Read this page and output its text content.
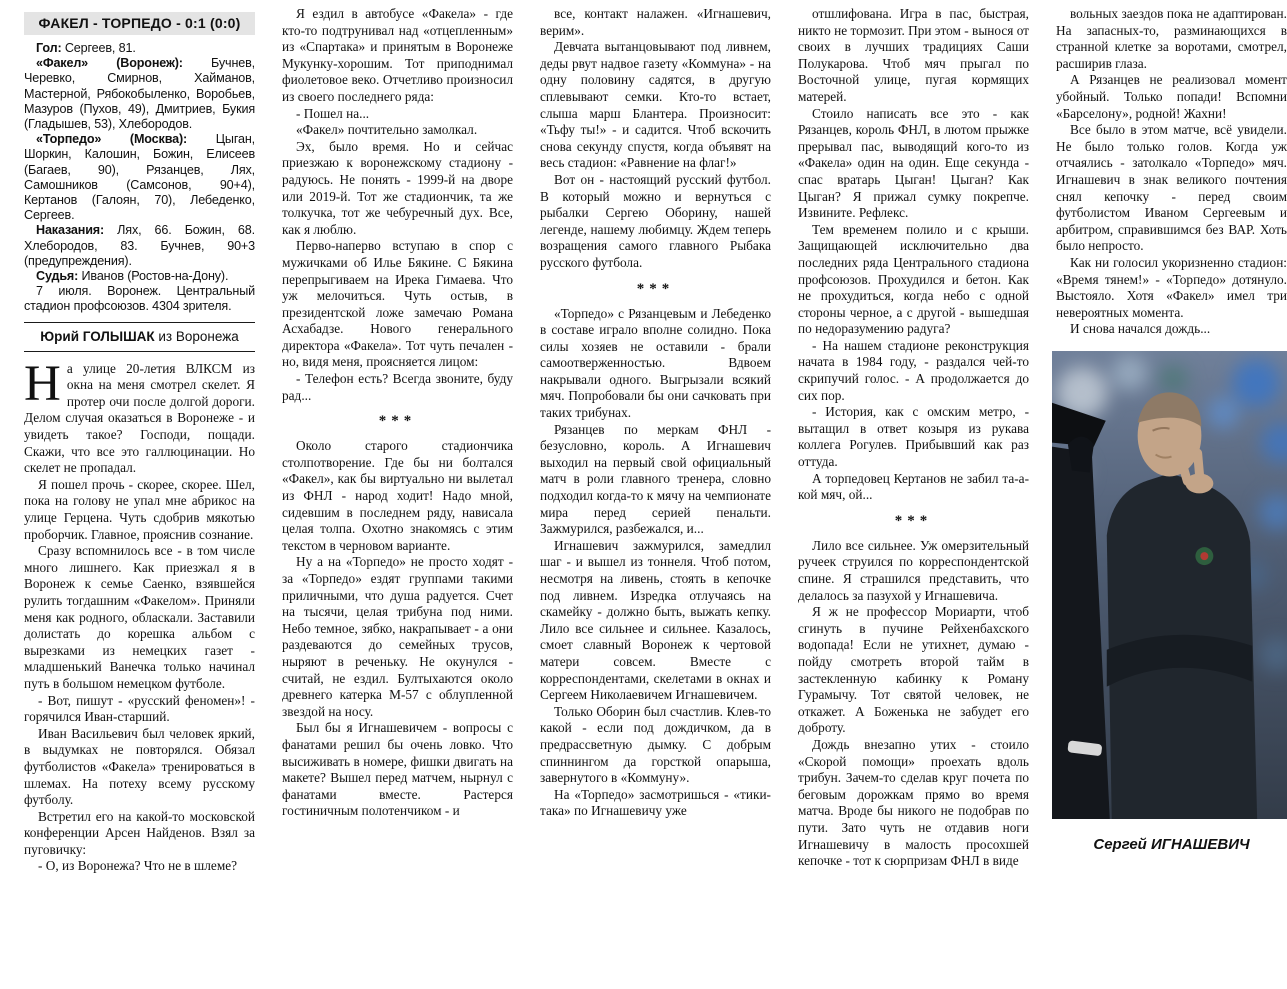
ФАКЕЛ - ТОРПЕДО - 0:1 (0:0)

Гол: Сергеев, 81.

«Факел» (Воронеж): Бучнев, Черевко, Смирнов, Хайманов, Мастерной, Рябокобыленко, Воробьев, Мазуров (Пухов, 49), Дмитриев, Букия (Гладышев, 53), Хлебородов.

«Торпедо» (Москва): Цыган, Шоркин, Калошин, Божин, Елисеев (Багаев, 90), Рязанцев, Лях, Самошников (Самсонов, 90+4), Кертанов (Галоян, 70), Лебеденко, Сергеев.

Наказания: Лях, 66. Божин, 68. Хлебородов, 83. Бучнев, 90+3 (предупреждения).

Судья: Иванов (Ростов-на-Дону).

7 июля. Воронеж. Центральный стадион профсоюзов. 4304 зрителя.

Юрий ГОЛЫШАК из Воронежа

На улице 20-летия ВЛКСМ из окна на меня смотрел скелет. Я протер очи после долгой дороги. Делом случая оказаться в Воронеже - и увидеть такое? Господи, пощади. Скажи, что все это галлюцинации. Но скелет не пропадал.

Я пошел прочь - скорее, скорее. Шел, пока на голову не упал мне абрикос на улице Герцена. Чуть сдобрив мякотью проборчик. Главное, прояснив сознание.

Сразу вспомнилось все - в том числе много лишнего. Как приезжал я в Воронеж к семье Саенко, взявшейся рулить тогдашним «Факелом». Приняли меня как родного, обласкали. Заставили долистать до корешка альбом с вырезками из немецких газет - младшенький Ванечка только начинал путь в большом немецком футболе.

- Вот, пишут - «русский феномен»! - горячился Иван-старший.

Иван Васильевич был человек яркий, в выдумках не повторялся. Обязал футболистов «Факела» тренироваться в шлемах. На потеху всему русскому футболу.

Встретил его на какой-то московской конференции Арсен Найденов. Взял за пуговичку:

- О, из Воронежа? Что не в шлеме?

Я ездил в автобусе «Факела» - где кто-то подтрунивал над «отцепленным» из «Спартака» и принятым в Воронеже Мукунку-хорошим. Тот приподнимал фиолетовое веко. Отчетливо произносил из своего последнего ряда:

- Пошел на...

«Факел» почтительно замолкал.

Эх, было время. Но и сейчас приезжаю к воронежскому стадиону - радуюсь. Не понять - 1999-й на дворе или 2019-й. Тот же стадиончик, та же толкучка, тот же чебуречный дух. Все, как я люблю.

Перво-наперво вступаю в спор с мужичками об Илье Бякине. С Бякина перепрыгиваем на Ирека Гимаева. Что уж мелочиться. Чуть остыв, в президентской ложе замечаю Романа Асхабадзе. Нового генерального директора «Факела». Тот чуть печален - но, видя меня, проясняется лицом:

- Телефон есть? Всегда звоните, буду рад...

***

Около старого стадиончика столпотворение. Где бы ни болтался «Факел», как бы виртуально ни вылетал из ФНЛ - народ ходит! Надо мной, сидевшим в последнем ряду, нависала целая толпа. Охотно знакомясь с этим текстом в черновом варианте.

Ну а на «Торпедо» не просто ходят - за «Торпедо» ездят группами такими приличными, что душа радуется. Счет на тысячи, целая трибуна под ними. Небо темное, зябко, накрапывает - а они раздеваются до семейных трусов, ныряют в реченьку. Не окунулся - считай, не ездил. Бултыхаются около древнего катерка М-57 с облупленной звездой на носу.

Был бы я Игнашевичем - вопросы с фанатами решил бы очень ловко. Что высиживать в номере, фишки двигать на макете? Вышел перед матчем, нырнул с фанатами вместе. Растерся гостиничным полотенчиком - и

все, контакт налажен. «Игнашевич, верим».

Девчата вытанцовывают под ливнем, деды рвут надвое газету «Коммуна» - на одну половину садятся, в другую сплевывают семки. Кто-то встает, слыша марш Блантера. Произносит: «Тьфу ты!» - и садится. Чтоб вскочить снова секунду спустя, когда объявят на весь стадион: «Равнение на флаг!»

Вот он - настоящий русский футбол. В который можно и вернуться с рыбалки Сергею Оборину, нашей легенде, нашему любимцу. Ждем теперь возращения самого главного Рыбака русского футбола.

***

«Торпедо» с Рязанцевым и Лебеденко в составе играло вполне солидно. Пока силы хозяев не оставили - брали самоотверженностью. Вдвоем накрывали одного. Выгрызали всякий мяч. Попробовали бы они сачковать при таких трибунах.

Рязанцев по меркам ФНЛ - безусловно, король. А Игнашевич выходил на первый свой официальный матч в роли главного тренера, словно подходил когда-то к мячу на чемпионате мира перед серией пенальти. Зажмурился, разбежался, и...

Игнашевич зажмурился, замедлил шаг - и вышел из тоннеля. Чтоб потом, несмотря на ливень, стоять в кепочке под ливнем. Изредка отлучаясь на скамейку - должно быть, выжать кепку. Лило все сильнее и сильнее. Казалось, смоет славный Воронеж к чертовой матери совсем. Вместе с корреспондентами, скелетами в окнах и Сергеем Николаевичем Игнашевичем.

Только Оборин был счастлив. Клев-то какой - если под дождичком, да в предрассветную дымку. С добрым спиннингом да горсткой опарыша, завернутого в «Коммуну».

На «Торпедо» засмотришься - «тики-така» по Игнашевичу уже

отшлифована. Игра в пас, быстрая, никто не тормозит. При этом - вынося от своих в лучших традициях Саши Полукарова. Чтоб мяч прыгал по Восточной улице, пугая кормящих матерей.

Стоило написать все это - как Рязанцев, король ФНЛ, в лютом прыжке прерывал пас, выводящий кого-то из «Факела» один на один. Еще секунда - спас вратарь Цыган! Цыган? Как Цыган? Я прижал сумку покрепче. Извините. Рефлекс.

Тем временем полило и с крыши. Защищающей исключительно два последних ряда Центрального стадиона профсоюзов. Прохудился и бетон. Как не прохудиться, когда небо с одной стороны черное, а с другой - вышедшая по недоразумению радуга?

- На нашем стадионе реконструкция начата в 1984 году, - раздался чей-то скрипучий голос. - А продолжается до сих пор.

- История, как с омским метро, - вытащил в ответ козыря из рукава коллега Рогулев. Прибывший как раз оттуда.

А торпедовец Кертанов не забил та-а-кой мяч, ой...

***

Лило все сильнее. Уж омерзительный ручеек струился по корреспондентской спине. Я страшился представить, что делалось за пазухой у Игнашевича.

Я ж не профессор Мориарти, чтоб сгинуть в пучине Рейхенбахского водопада! Если не утихнет, думаю - пойду смотреть второй тайм в застекленную кабинку к Роману Гурамычу. Тот святой человек, не откажет. А Боженька не забудет его доброту.

Дождь внезапно утих - стоило «Скорой помощи» проехать вдоль трибун. Зачем-то сделав круг почета по беговым дорожкам прямо во время матча. Вроде бы никого не подобрав по пути. Зато чуть не отдавив ноги Игнашевичу в малость просохшей кепочке - тот к сюрпризам ФНЛ в виде

вольных заездов пока не адаптирован. На запасных-то, разминающихся в странной клетке за воротами, смотрел, расширив глаза.

А Рязанцев не реализовал момент убойный. Только попади! Вспомни «Барселону», родной! Жахни!

Все было в этом матче, всё увидели. Не было только голов. Когда уж отчаялись - затолкало «Торпедо» мяч. Игнашевич в знак великого почтения снял кепочку - перед своим футболистом Иваном Сергеевым и арбитром, справившимся без ВАР. Хоть было непросто.

Как ни голосил укоризненно стадион: «Время тянем!» - «Торпедо» дотянуло. Выстояло. Хотя «Факел» имел три невероятных момента.

И снова начался дождь...

Сергей ИГНАШЕВИЧ
